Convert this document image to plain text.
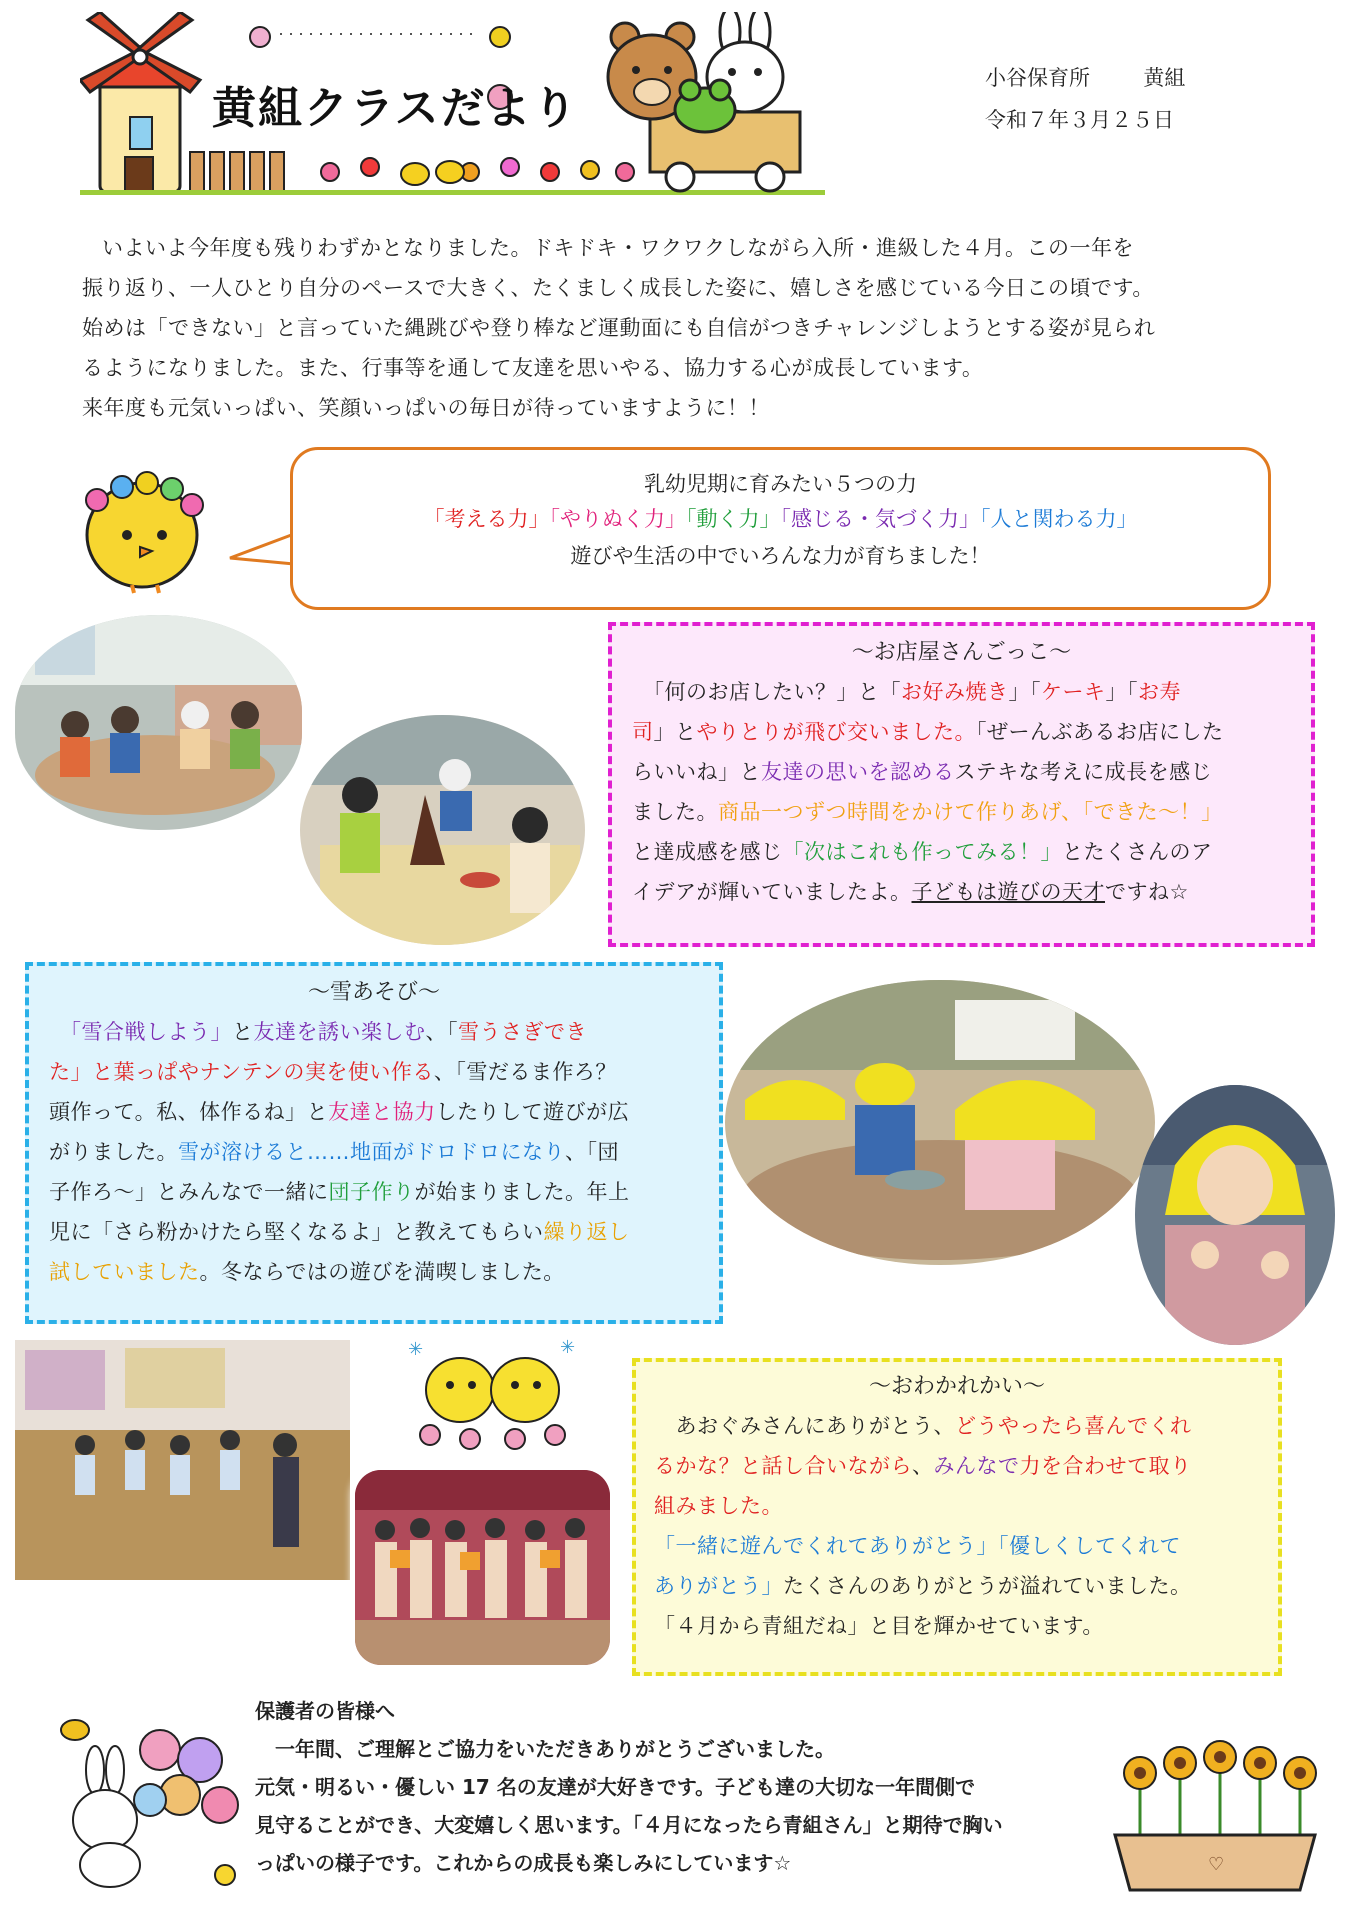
黄組クラスだより
小谷保育所	黄組
令和７年３月２５日
いよいよ今年度も残りわずかとなりました。ドキドキ・ワクワクしながら入所・進級した４月。この一年を
振り返り、一人ひとり自分のペースで大きく、たくましく成長した姿に、嬉しさを感じている今日この頃です。
始めは「できない」と言っていた縄跳びや登り棒など運動面にも自信がつきチャレンジしようとする姿が見られ
るようになりました。また、行事等を通して友達を思いやる、協力する心が成長しています。
来年度も元気いっぱい、笑顔いっぱいの毎日が待っていますように！！
乳幼児期に育みたい５つの力
「考える力」「やりぬく力」「動く力」「感じる・気づく力」「人と関わる力」
遊びや生活の中でいろんな力が育ちました！
～お店屋さんごっこ～
　「何のお店したい？」と「お好み焼き」「ケーキ」「お寿
司」とやりとりが飛び交いました。「ぜーんぶあるお店にした
らいいね」と友達の思いを認めるステキな考えに成長を感じ
ました。商品一つずつ時間をかけて作りあげ、「できた～！」
と達成感を感じ「次はこれも作ってみる！」とたくさんのア
イデアが輝いていましたよ。子どもは遊びの天才ですね☆
～雪あそび～
　「雪合戦しよう」と友達を誘い楽しむ、「雪うさぎでき
た」と葉っぱやナンテンの実を使い作る、「雪だるま作ろ？
頭作って。私、体作るね」と友達と協力したりして遊びが広
がりました。雪が溶けると……地面がドロドロになり、「団
子作ろ～」とみんなで一緒に団子作りが始まりました。年上
児に「さら粉かけたら堅くなるよ」と教えてもらい繰り返し
試していました。冬ならではの遊びを満喫しました。
✳	✳
～おわかれかい～
　あおぐみさんにありがとう、どうやったら喜んでくれ
るかな？と話し合いながら、みんなで力を合わせて取り
組みました。
「一緒に遊んでくれてありがとう」「優しくしてくれて
ありがとう」たくさんのありがとうが溢れていました。
「４月から青組だね」と目を輝かせています。
保護者の皆様へ
　一年間、ご理解とご協力をいただきありがとうございました。
元気・明るい・優しい 17 名の友達が大好きです。子ども達の大切な一年間側で
見守ることができ、大変嬉しく思います。「４月になったら青組さん」と期待で胸い
っぱいの様子です。これからの成長も楽しみにしています☆	♡
